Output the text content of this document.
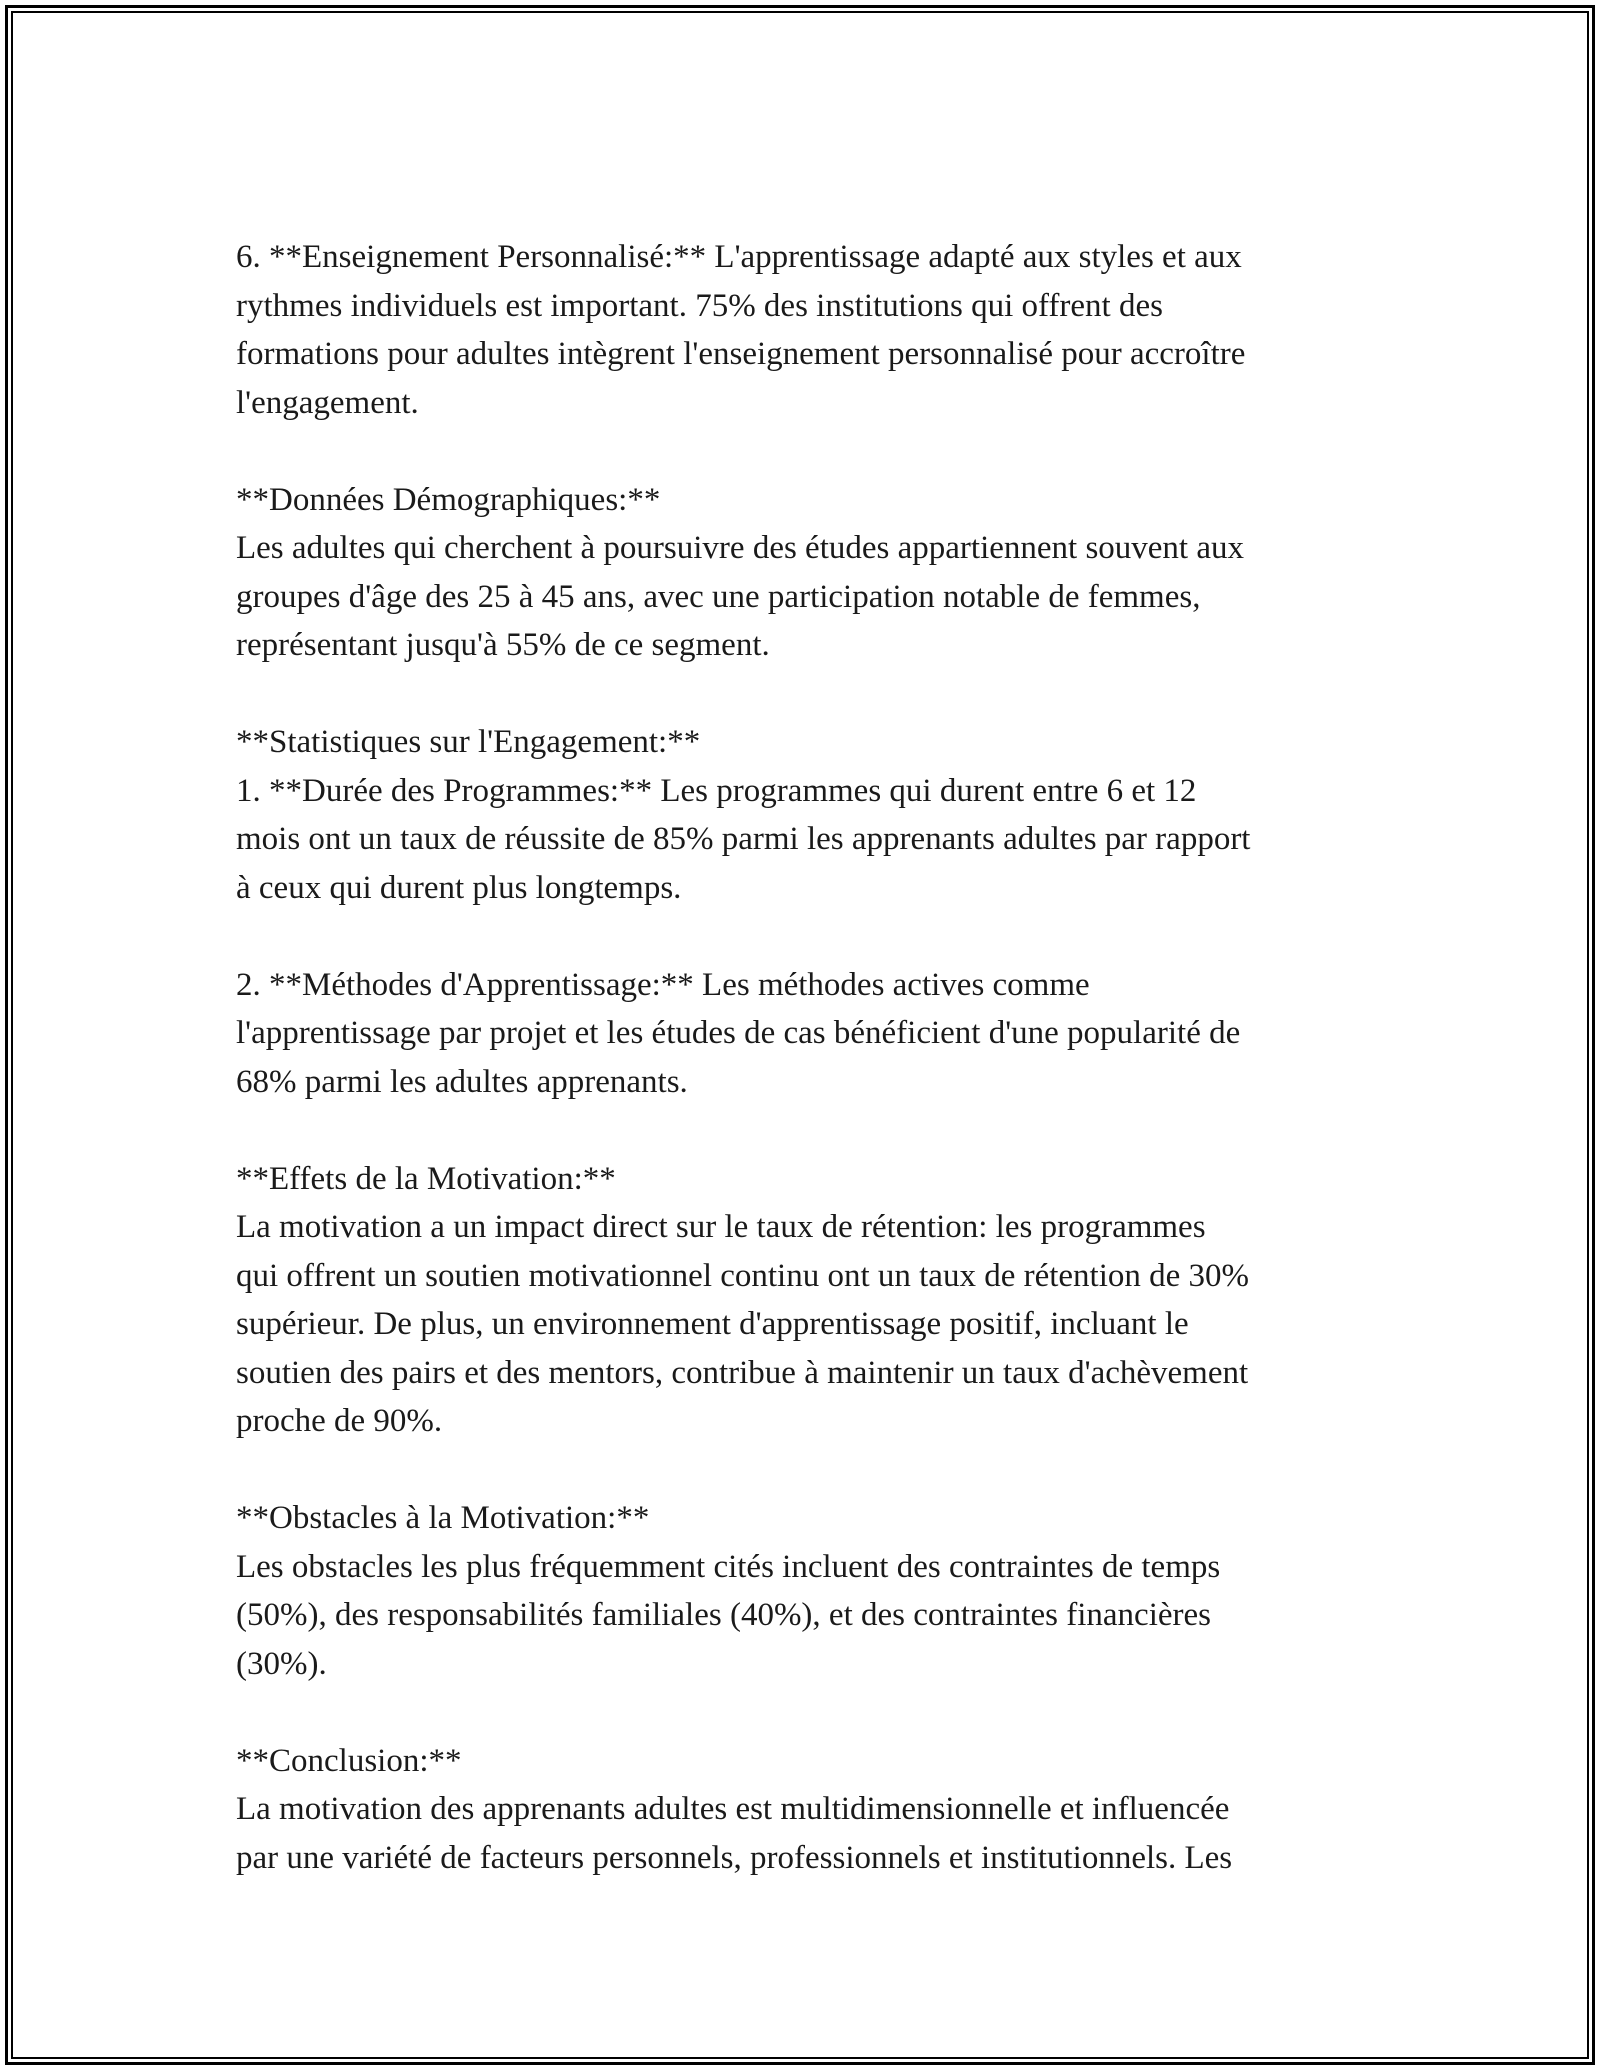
6. **Enseignement Personnalisé:** L'apprentissage adapté aux styles et aux
rythmes individuels est important. 75% des institutions qui offrent des
formations pour adultes intègrent l'enseignement personnalisé pour accroître
l'engagement.

**Données Démographiques:**
Les adultes qui cherchent à poursuivre des études appartiennent souvent aux
groupes d'âge des 25 à 45 ans, avec une participation notable de femmes,
représentant jusqu'à 55% de ce segment.

**Statistiques sur l'Engagement:**
1. **Durée des Programmes:** Les programmes qui durent entre 6 et 12
mois ont un taux de réussite de 85% parmi les apprenants adultes par rapport
à ceux qui durent plus longtemps.

2. **Méthodes d'Apprentissage:** Les méthodes actives comme
l'apprentissage par projet et les études de cas bénéficient d'une popularité de
68% parmi les adultes apprenants.

**Effets de la Motivation:**
La motivation a un impact direct sur le taux de rétention: les programmes
qui offrent un soutien motivationnel continu ont un taux de rétention de 30%
supérieur. De plus, un environnement d'apprentissage positif, incluant le
soutien des pairs et des mentors, contribue à maintenir un taux d'achèvement
proche de 90%.

**Obstacles à la Motivation:**
Les obstacles les plus fréquemment cités incluent des contraintes de temps
(50%), des responsabilités familiales (40%), et des contraintes financières
(30%).

**Conclusion:**
La motivation des apprenants adultes est multidimensionnelle et influencée
par une variété de facteurs personnels, professionnels et institutionnels. Les
